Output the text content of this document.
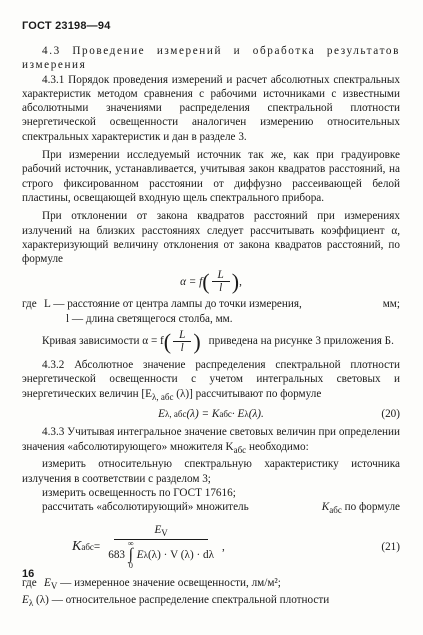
ГОСТ 23198—94

4.3 Проведение измерений и обработка результатов измерения

4.3.1 Порядок проведения измерений и расчет абсолютных спектральных характеристик методом сравнения с рабочими источниками с известными абсолютными значениями распределения спектральной плотности энергетической освещенности аналогичен измерению относительных спектральных характеристик и дан в разделе 3.

При измерении исследуемый источник так же, как при градуировке рабочий источник, устанавливается, учитывая закон квадратов расстояний, на строго фиксированном расстоянии от диффузно рассеивающей белой пластины, освещающей входную щель спектрального прибора.

При отклонении от закона квадратов расстояний при измерениях излучений на близких расстояниях следует рассчитывать коэффициент α, характеризующий величину отклонения от закона квадратов расстояний, по формуле

α = f ( $\frac{L}{l}$ ) ,
где L — расстояние от центра лампы до точки измерения,	мм;

l — длина светящегося столба, мм.

Кривая зависимости α = f ( $\frac{L}{l}$ ) приведена на рисунке 3 приложения Б.

4.3.2 Абсолютное значение распределения спектральной плотности энергетической освещенности с учетом интегральных световых и энергетических величин [$E_{\lambda, абс}$ (λ)] рассчитывают по формуле

E λ, абс (λ) = K абс · E λ (λ).	(20)

4.3.3 Учитывая интегральное значение световых величин при определении значения «абсолютирующего» множителя $K_{абс}$ необходимо:

измерить относительную спектральную характеристику источника излучения в соответствии с разделом 3;

измерить освещенность по ГОСТ 17616;

рассчитать «абсолютирующий» множитель	$K_{абс}$ по формуле

K абс =
$E_V$
683
∞
∫
0
E λ (λ) · V (λ) · dλ
,	(21)
где $E_V$ — измеренное значение освещенности, лм/м²;

$E_\lambda$ (λ) — относительное распределение спектральной плотности

16
